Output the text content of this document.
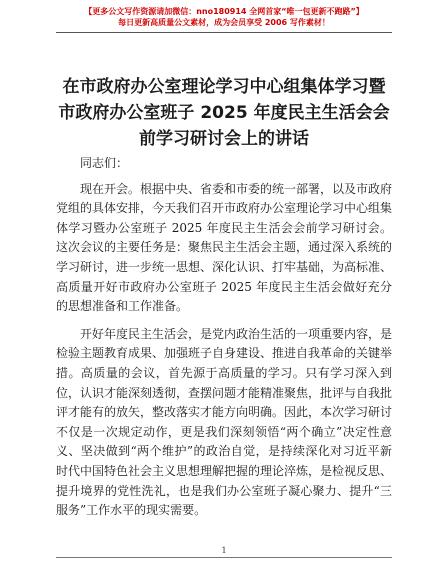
【更多公文写作资源请加微信：nno180914 全网首家“唯一包更新不跑路”】
每日更新高质量公文素材，成为会员享受 2006 写作素材！
在市政府办公室理论学习中心组集体学习暨市政府办公室班子 2025 年度民主生活会会前学习研讨会上的讲话

同志们：

现在开会。根据中央、省委和市委的统一部署，以及市政府党组的具体安排，今天我们召开市政府办公室理论学习中心组集体学习暨办公室班子 2025 年度民主生活会会前学习研讨会。这次会议的主要任务是：聚焦民主生活会主题，通过深入系统的学习研讨，进一步统一思想、深化认识、打牢基础，为高标准、高质量开好市政府办公室班子 2025 年度民主生活会做好充分的思想准备和工作准备。

开好年度民主生活会，是党内政治生活的一项重要内容，是检验主题教育成果、加强班子自身建设、推进自我革命的关键举措。高质量的会议，首先源于高质量的学习。只有学习深入到位，认识才能深刻透彻，查摆问题才能精准聚焦，批评与自我批评才能有的放矢，整改落实才能方向明确。因此，本次学习研讨不仅是一次规定动作，更是我们深刻领悟“两个确立”决定性意义、坚决做到“两个维护”的政治自觉，是持续深化对习近平新时代中国特色社会主义思想理解把握的理论淬炼，是检视反思、提升境界的党性洗礼，也是我们办公室班子凝心聚力、提升“三服务”工作水平的现实需要。

1
